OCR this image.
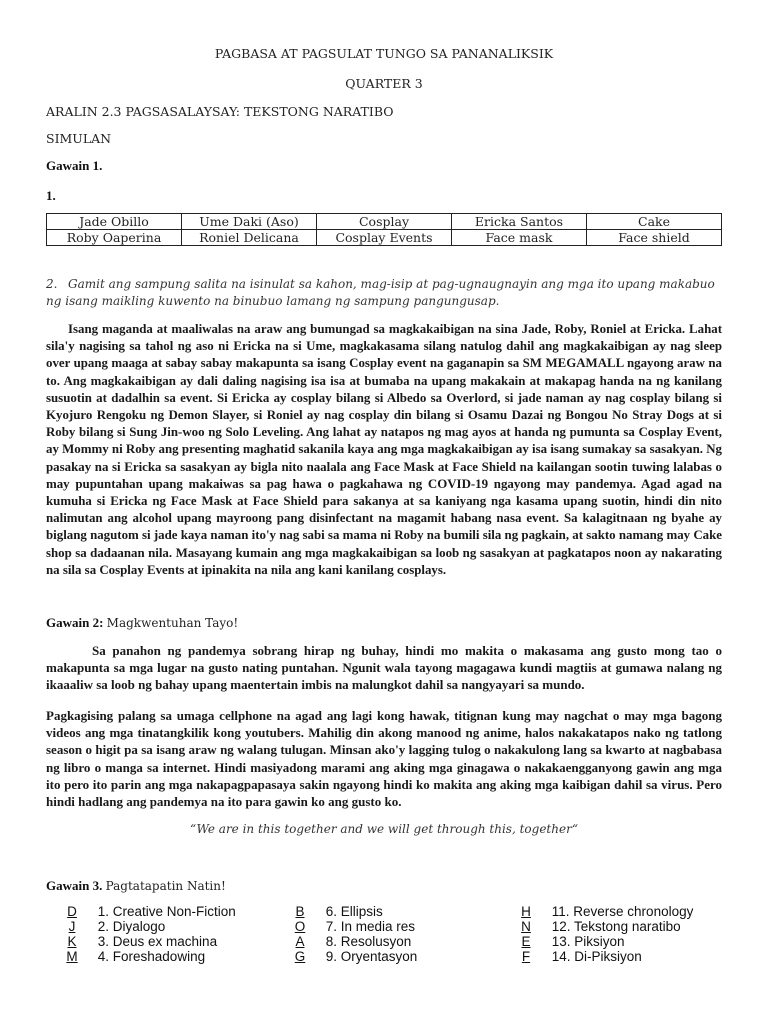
PAGBASA AT PAGSULAT TUNGO SA PANANALIKSIK
QUARTER 3
ARALIN 2.3 PAGSASALAYSAY: TEKSTONG NARATIBO
SIMULAN
Gawain 1.
1.
Jade Obillo	Ume Daki (Aso)	Cosplay	Ericka Santos	Cake
Roby Oaperina	Roniel Delicana	Cosplay Events	Face mask	Face shield
2. Gamit ang sampung salita na isinulat sa kahon, mag-isip at pag-ugnaugnayin ang mga ito upang makabuo ng isang maikling kuwento na binubuo lamang ng sampung pangungusap.
Isang maganda at maaliwalas na araw ang bumungad sa magkakaibigan na sina Jade, Roby, Roniel at Ericka. Lahat sila'y nagising sa tahol ng aso ni Ericka na si Ume, magkakasama silang natulog dahil ang magkakaibigan ay nag sleep over upang maaga at sabay sabay makapunta sa isang Cosplay event na gaganapin sa SM MEGAMALL ngayong araw na to. Ang magkakaibigan ay dali daling nagising isa isa at bumaba na upang makakain at makapag handa na ng kanilang susuotin at dadalhin sa event. Si Ericka ay cosplay bilang si Albedo sa Overlord, si jade naman ay nag cosplay bilang si Kyojuro Rengoku ng Demon Slayer, si Roniel ay nag cosplay din bilang si Osamu Dazai ng Bongou No Stray Dogs at si Roby bilang si Sung Jin-woo ng Solo Leveling. Ang lahat ay natapos ng mag ayos at handa ng pumunta sa Cosplay Event, ay Mommy ni Roby ang presenting maghatid sakanila kaya ang mga magkakaibigan ay isa isang sumakay sa sasakyan. Ng pasakay na si Ericka sa sasakyan ay bigla nito naalala ang Face Mask at Face Shield na kailangan sootin tuwing lalabas o may pupuntahan upang makaiwas sa pag hawa o pagkahawa ng COVID-19 ngayong may pandemya. Agad agad na kumuha si Ericka ng Face Mask at Face Shield para sakanya at sa kaniyang nga kasama upang suotin, hindi din nito nalimutan ang alcohol upang mayroong pang disinfectant na magamit habang nasa event. Sa kalagitnaan ng byahe ay biglang nagutom si jade kaya naman ito'y nag sabi sa mama ni Roby na bumili sila ng pagkain, at sakto namang may Cake shop sa dadaanan nila. Masayang kumain ang mga magkakaibigan sa loob ng sasakyan at pagkatapos noon ay nakarating na sila sa Cosplay Events at ipinakita na nila ang kani kanilang cosplays.
Gawain 2: Magkwentuhan Tayo!
Sa panahon ng pandemya sobrang hirap ng buhay, hindi mo makita o makasama ang gusto mong tao o makapunta sa mga lugar na gusto nating puntahan. Ngunit wala tayong magagawa kundi magtiis at gumawa nalang ng ikaaaliw sa loob ng bahay upang maentertain imbis na malungkot dahil sa nangyayari sa mundo.
Pagkagising palang sa umaga cellphone na agad ang lagi kong hawak, titignan kung may nagchat o may mga bagong videos ang mga tinatangkilik kong youtubers. Mahilig din akong manood ng anime, halos nakakatapos nako ng tatlong season o higit pa sa isang araw ng walang tulugan. Minsan ako'y lagging tulog o nakakulong lang sa kwarto at nagbabasa ng libro o manga sa internet. Hindi masiyadong marami ang aking mga ginagawa o nakakaengganyong gawin ang mga ito pero ito parin ang mga nakapagpapasaya sakin ngayong hindi ko makita ang aking mga kaibigan dahil sa virus. Pero hindi hadlang ang pandemya na ito para gawin ko ang gusto ko.
“We are in this together and we will get through this, together“
Gawain 3. Pagtatapatin Natin!
D 1. Creative Non-Fiction
J 2. Diyalogo
K 3. Deus ex machina
M 4. Foreshadowing
B 6. Ellipsis
O 7. In media res
A 8. Resolusyon
G 9. Oryentasyon
H 11. Reverse chronology
N 12. Tekstong naratibo
E 13. Piksiyon
F 14. Di-Piksiyon
